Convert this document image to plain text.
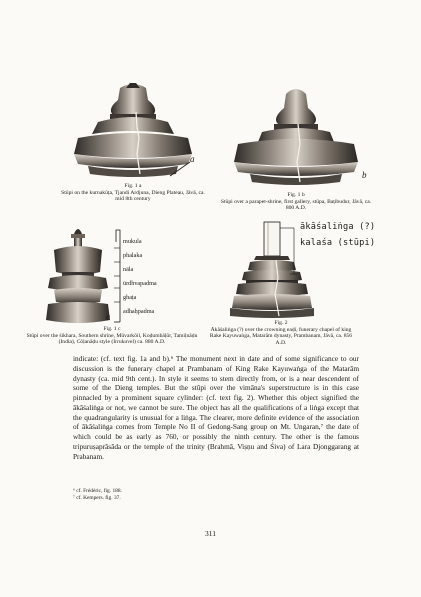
a
Fig. 1 a
Stūpi on the kurnakūṭa, Tjandi Ardjuna, Dieng Plateau, Jāvā, ca. mid 8th century
b
Fig. 1 b
Stūpi over a parapet-shrine, first gallery, stūpa, Baṭibudur, Jāvā, ca. 800 A.D.
c
mukula
phalaka
nāla
ūrdhvapadma
ghaṭa
adhaḥpadma
Fig. 1 c
Stūpi over the śikhara, Southern shrine, Mūvarkōil, Koḍumbāḷūr, Tamiḷnāḍu (India), Cōḷanāḍu style (Irrukuvel) ca. 880 A.D.
ākāśaliṅga (?)
kalaśa (stūpi)
Fig. 2
Ākāśaliṅga (?) over the crowning eaḍi, funerary chapel of king Rake Kayuwaṅga, Matarām dynasty, Prambanam, Jāvā, ca. 856 A.D.

indicate: (cf. text fig. 1a and b).⁶ The monument next in date and of some significance to our discussion is the funerary chapel at Prambanam of King Rake Kayuwaṅga of the Matarām dynasty (ca. mid 9th cent.). In style it seems to stem directly from, or is a near descendent of some of the Dieng temples. But the stūpi over the vimāna's superstructure is in this case pinnacled by a prominent square cylinder: (cf. text fig. 2). Whether this object signified the ākāśaliṅga or not, we cannot be sure. The object has all the qualifications of a liṅga except that the quadrangularity is unusual for a liṅga. The clearer, more definite evidence of the association of ākāśaliṅga comes from Temple No II of Gedong-Sang group on Mt. Ungaran,⁷ the date of which could be as early as 760, or possibly the ninth century. The other is the famous tripuruṣaprāsāda or the temple of the trinity (Brahmā, Viṣṇu and Śiva) of Lara Djonggarang at Prabanam.

⁶ cf. Frédéric, fig. 188.

⁷ cf. Kempers. fig. 37.

311
